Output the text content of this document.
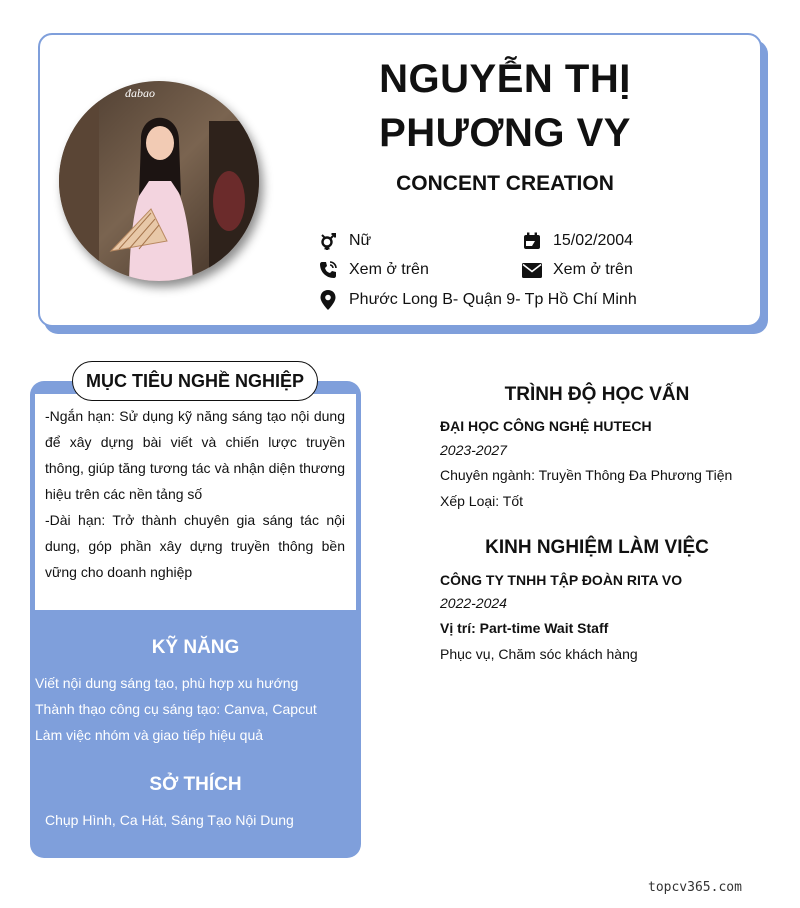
đabao	NGUYỄN THỊ
PHƯƠNG VY
CONCENT CREATION
Nữ	15/02/2004
Xem ở trên	Xem ở trên
Phước Long B- Quận 9- Tp Hồ Chí Minh
MỤC TIÊU NGHỀ NGHIỆP

-Ngắn hạn: Sử dụng kỹ năng sáng tạo nội dung để xây dựng bài viết và chiến lược truyền thông, giúp tăng tương tác và nhận diện thương hiệu trên các nền tảng số

-Dài hạn: Trở thành chuyên gia sáng tác nội dung, góp phần xây dựng truyền thông bền vững cho doanh nghiệp

KỸ NĂNG
Viết nội dung sáng tạo, phù hợp xu hướng
Thành thạo công cụ sáng tạo: Canva, Capcut
Làm việc nhóm và giao tiếp hiệu quả
SỞ THÍCH
Chụp Hình, Ca Hát, Sáng Tạo Nội Dung
TRÌNH ĐỘ HỌC VẤN
ĐẠI HỌC CÔNG NGHỆ HUTECH
2023-2027
Chuyên ngành: Truyền Thông Đa Phương Tiện
Xếp Loại: Tốt
KINH NGHIỆM LÀM VIỆC
CÔNG TY TNHH TẬP ĐOÀN RITA VO
2022-2024
Vị trí: Part-time Wait Staff
Phục vụ, Chăm sóc khách hàng
topcv365.com
